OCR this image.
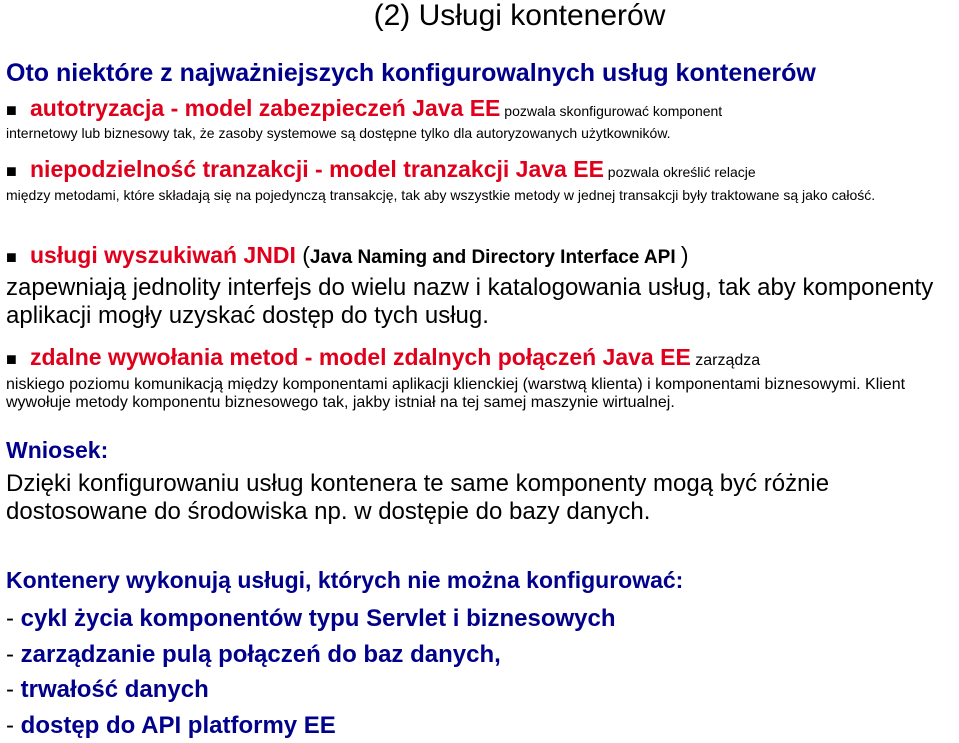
(2) Usługi kontenerów
Oto niektóre z najważniejszych konfigurowalnych usług kontenerów
■ autotryzacja - model zabezpieczeń Java EE pozwala skonfigurować komponent
internetowy lub biznesowy tak, że zasoby systemowe są dostępne tylko dla autoryzowanych użytkowników.
■ niepodzielność tranzakcji - model tranzakcji Java EE pozwala określić relacje
między metodami, które składają się na pojedynczą transakcję, tak aby wszystkie metody w jednej transakcji były traktowane są jako całość.
■ usługi wyszukiwań JNDI (Java Naming and Directory Interface API )
zapewniają jednolity interfejs do wielu nazw i katalogowania usług, tak aby komponenty aplikacji mogły uzyskać dostęp do tych usług.
■ zdalne wywołania metod - model zdalnych połączeń Java EE zarządza
niskiego poziomu komunikacją między komponentami aplikacji klienckiej (warstwą klienta) i komponentami biznesowymi. Klient wywołuje metody komponentu biznesowego tak, jakby istniał na tej samej maszynie wirtualnej.
Wniosek:
Dzięki konfigurowaniu usług kontenera te same komponenty mogą być różnie dostosowane do środowiska np. w dostępie do bazy danych.
Kontenery wykonują usługi, których nie można konfigurować:
- cykl życia komponentów typu Servlet i biznesowych
- zarządzanie pulą połączeń do baz danych,
- trwałość danych
- dostęp do API platformy EE
